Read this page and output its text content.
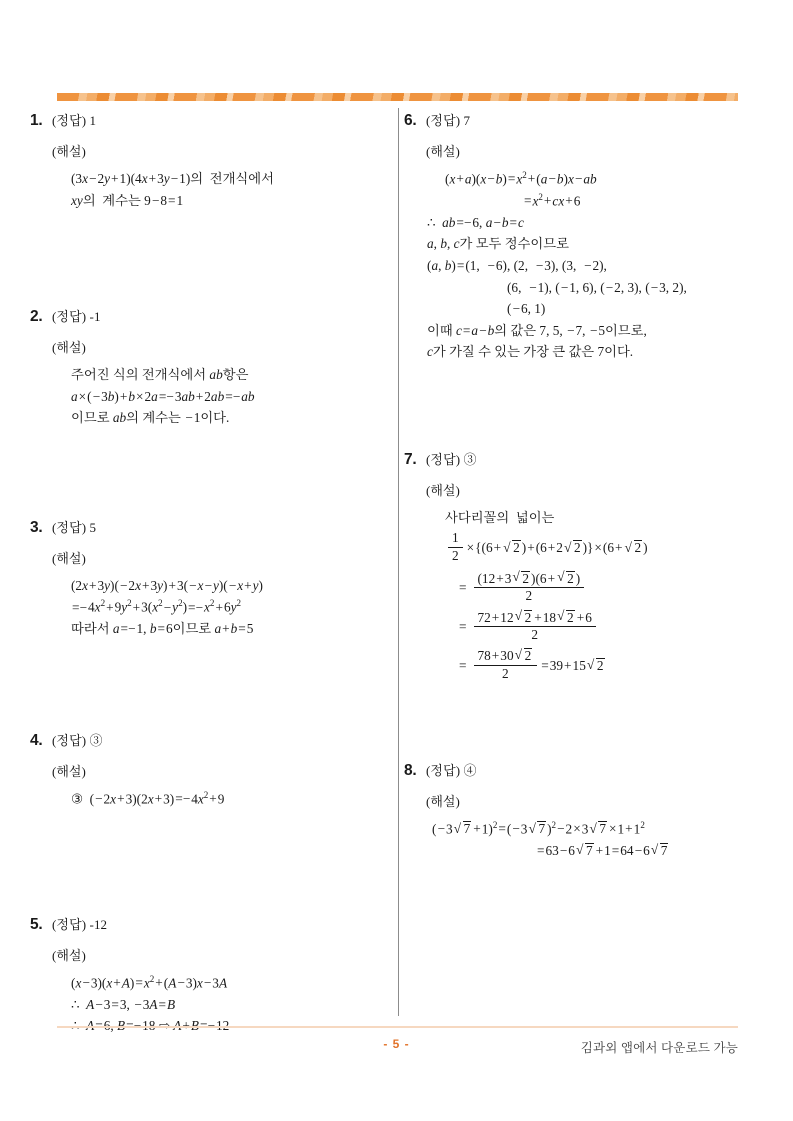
1. (정답) 1
(해설)
(3x−2y+1)(4x+3y−1)의  전개식에서
xy의  계수는 9−8=1
2. (정답) -1
(해설)
주어진 식의 전개식에서 ab항은
a×(−3b)+b×2a=−3ab+2ab=−ab
이므로 ab의 계수는 −1이다.
3. (정답) 5
(해설)
(2x+3y)(−2x+3y)+3(−x−y)(−x+y)
$=-4x^2+9y^2+3(x^2-y^2)=-x^2+6y^2$
따라서 a=−1, b=6이므로 a+b=5
4. (정답) ③
(해설)
③  $(-2x+3)(2x+3)=-4x^2+9$
5. (정답) -12
(해설)
$(x-3)(x+A)=x^2+(A-3)x-3A$
∴  A−3=3, −3A=B
6. (정답) 7
(해설)
$(x+a)(x-b)=x^2+(a-b)x-ab$
$=x^2+cx+6$
∴  ab=−6, a−b=c
a, b, c가 모두 정수이므로
(a, b)=(1,  −6), (2,  −3), (3,  −2),
(6,  −1), (−1, 6), (−2, 3), (−3, 2),
(−6, 1)
이때 c=a−b의 값은 7, 5, −7, −5이므로,
c가 가질 수 있는 가장 큰 값은 7이다.
7. (정답) ③
(해설)
사다리꼴의  넓이는
$\frac{1}{2} \times\{(6+$ √ 2 )+(6+2 √ 2 )}×(6+ √ 2 )
= $\frac{(12+3 √ 2 )(6+ √ 2 )}{2}$
= $\frac{72+12 √ 2 +18 √ 2 +6}{2}$
= $\frac{78+30 √ 2}{2} =39+15$ √ 2
8. (정답) ④
(해설)
(−3 √ 7 +1)$^2$=(−3 √ 7 )$^2$−2×3 √ $7 \times 1+1^2$
=63−6 √ 7 +1=64−6 √ 7
- 5 -	김과외 앱에서 다운로드 가능
